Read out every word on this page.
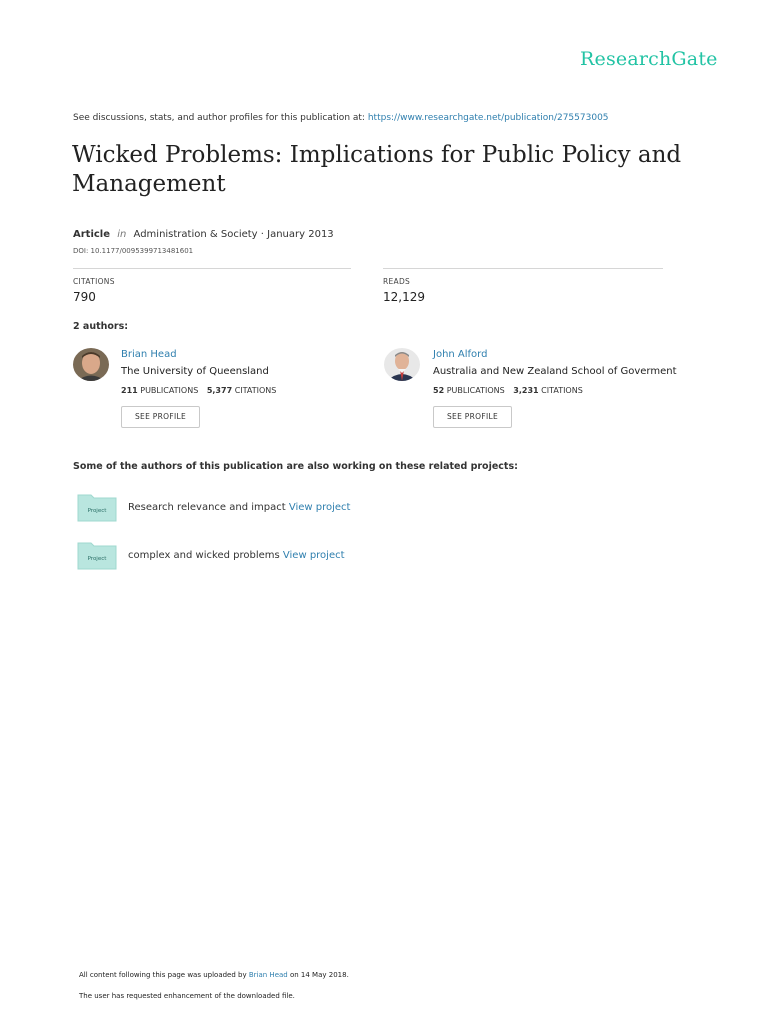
ResearchGate
See discussions, stats, and author profiles for this publication at: https://www.researchgate.net/publication/275573005
Wicked Problems: Implications for Public Policy and Management
Article in Administration & Society · January 2013
DOI: 10.1177/0095399713481601
CITATIONS
790
READS
12,129
2 authors:
Brian Head
The University of Queensland
211 PUBLICATIONS 5,377 CITATIONS
SEE PROFILE
John Alford
Australia and New Zealand School of Goverment
52 PUBLICATIONS 3,231 CITATIONS
SEE PROFILE
Some of the authors of this publication are also working on these related projects:
Project Research relevance and impact View project
Project complex and wicked problems View project
All content following this page was uploaded by Brian Head on 14 May 2018.
The user has requested enhancement of the downloaded file.
